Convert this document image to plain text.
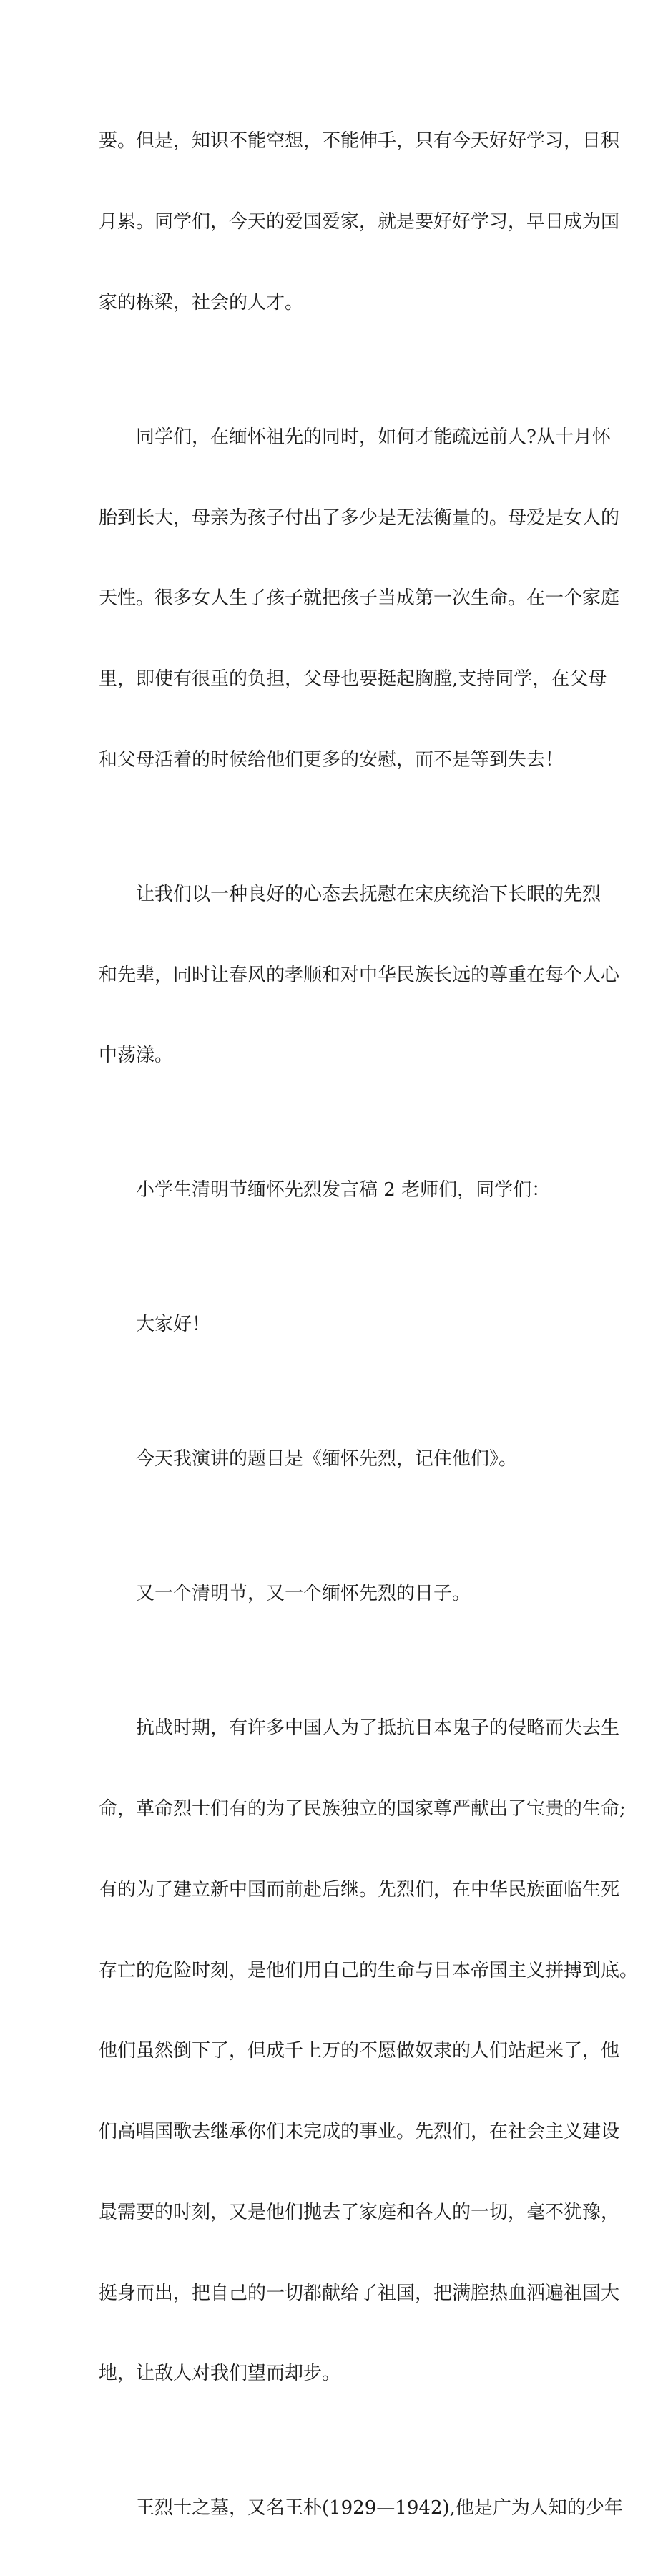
要。但是，知识不能空想，不能伸手，只有今天好好学习，日积

月累。同学们，今天的爱国爱家，就是要好好学习，早日成为国

家的栋梁，社会的人才。

同学们，在缅怀祖先的同时，如何才能疏远前人?从十月怀

胎到长大，母亲为孩子付出了多少是无法衡量的。母爱是女人的

天性。很多女人生了孩子就把孩子当成第一次生命。在一个家庭

里，即使有很重的负担，父母也要挺起胸膛,支持同学，在父母

和父母活着的时候给他们更多的安慰，而不是等到失去！

让我们以一种良好的心态去抚慰在宋庆统治下长眠的先烈

和先辈，同时让春风的孝顺和对中华民族长远的尊重在每个人心

中荡漾。

小学生清明节缅怀先烈发言稿 2 老师们，同学们：

大家好！

今天我演讲的题目是《缅怀先烈，记住他们》。

又一个清明节，又一个缅怀先烈的日子。

抗战时期，有许多中国人为了抵抗日本鬼子的侵略而失去生

命，革命烈士们有的为了民族独立的国家尊严献出了宝贵的生命;

有的为了建立新中国而前赴后继。先烈们，在中华民族面临生死

存亡的危险时刻，是他们用自己的生命与日本帝国主义拼搏到底。

他们虽然倒下了，但成千上万的不愿做奴隶的人们站起来了，他

们高唱国歌去继承你们未完成的事业。先烈们，在社会主义建设

最需要的时刻，又是他们抛去了家庭和各人的一切，毫不犹豫，

挺身而出，把自己的一切都献给了祖国，把满腔热血洒遍祖国大

地，让敌人对我们望而却步。

王烈士之墓，又名王朴(1929—1942),他是广为人知的少年
